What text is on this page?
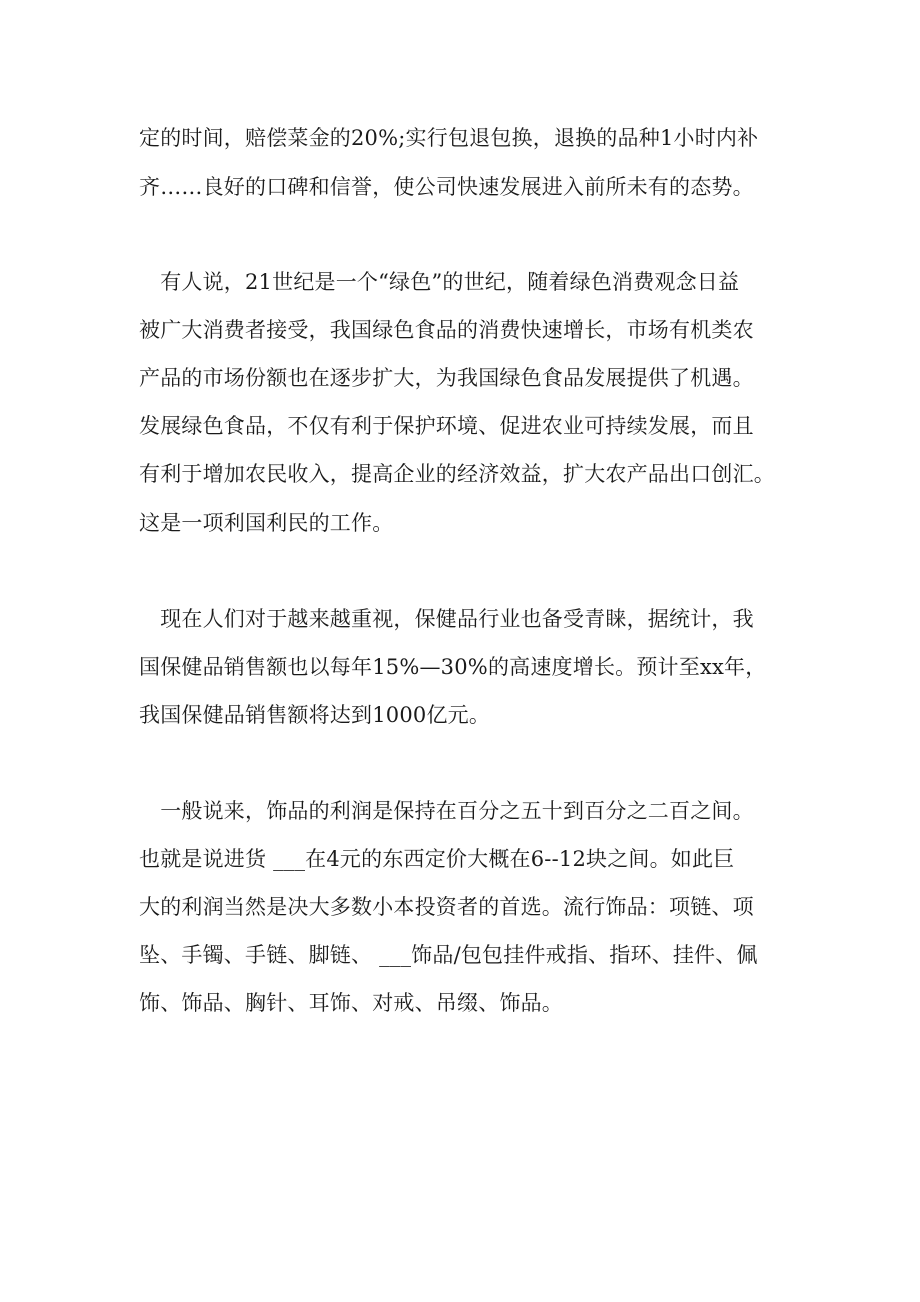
定的时间，赔偿菜金的20%;实行包退包换，退换的品种1小时内补
齐……良好的口碑和信誉，使公司快速发展进入前所未有的态势。
　有人说，21世纪是一个“绿色”的世纪，随着绿色消费观念日益
被广大消费者接受，我国绿色食品的消费快速增长，市场有机类农
产品的市场份额也在逐步扩大，为我国绿色食品发展提供了机遇。
发展绿色食品，不仅有利于保护环境、促进农业可持续发展，而且
有利于增加农民收入，提高企业的经济效益，扩大农产品出口创汇。
这是一项利国利民的工作。
　现在人们对于越来越重视，保健品行业也备受青睐，据统计，我
国保健品销售额也以每年15%—30%的高速度增长。预计至xx年，
我国保健品销售额将达到1000亿元。
　一般说来，饰品的利润是保持在百分之五十到百分之二百之间。
也就是说进货 ___在4元的东西定价大概在6--12块之间。如此巨
大的利润当然是决大多数小本投资者的首选。流行饰品：项链、项
坠、手镯、手链、脚链、 ___饰品/包包挂件戒指、指环、挂件、佩
饰、饰品、胸针、耳饰、对戒、吊缀、饰品。
